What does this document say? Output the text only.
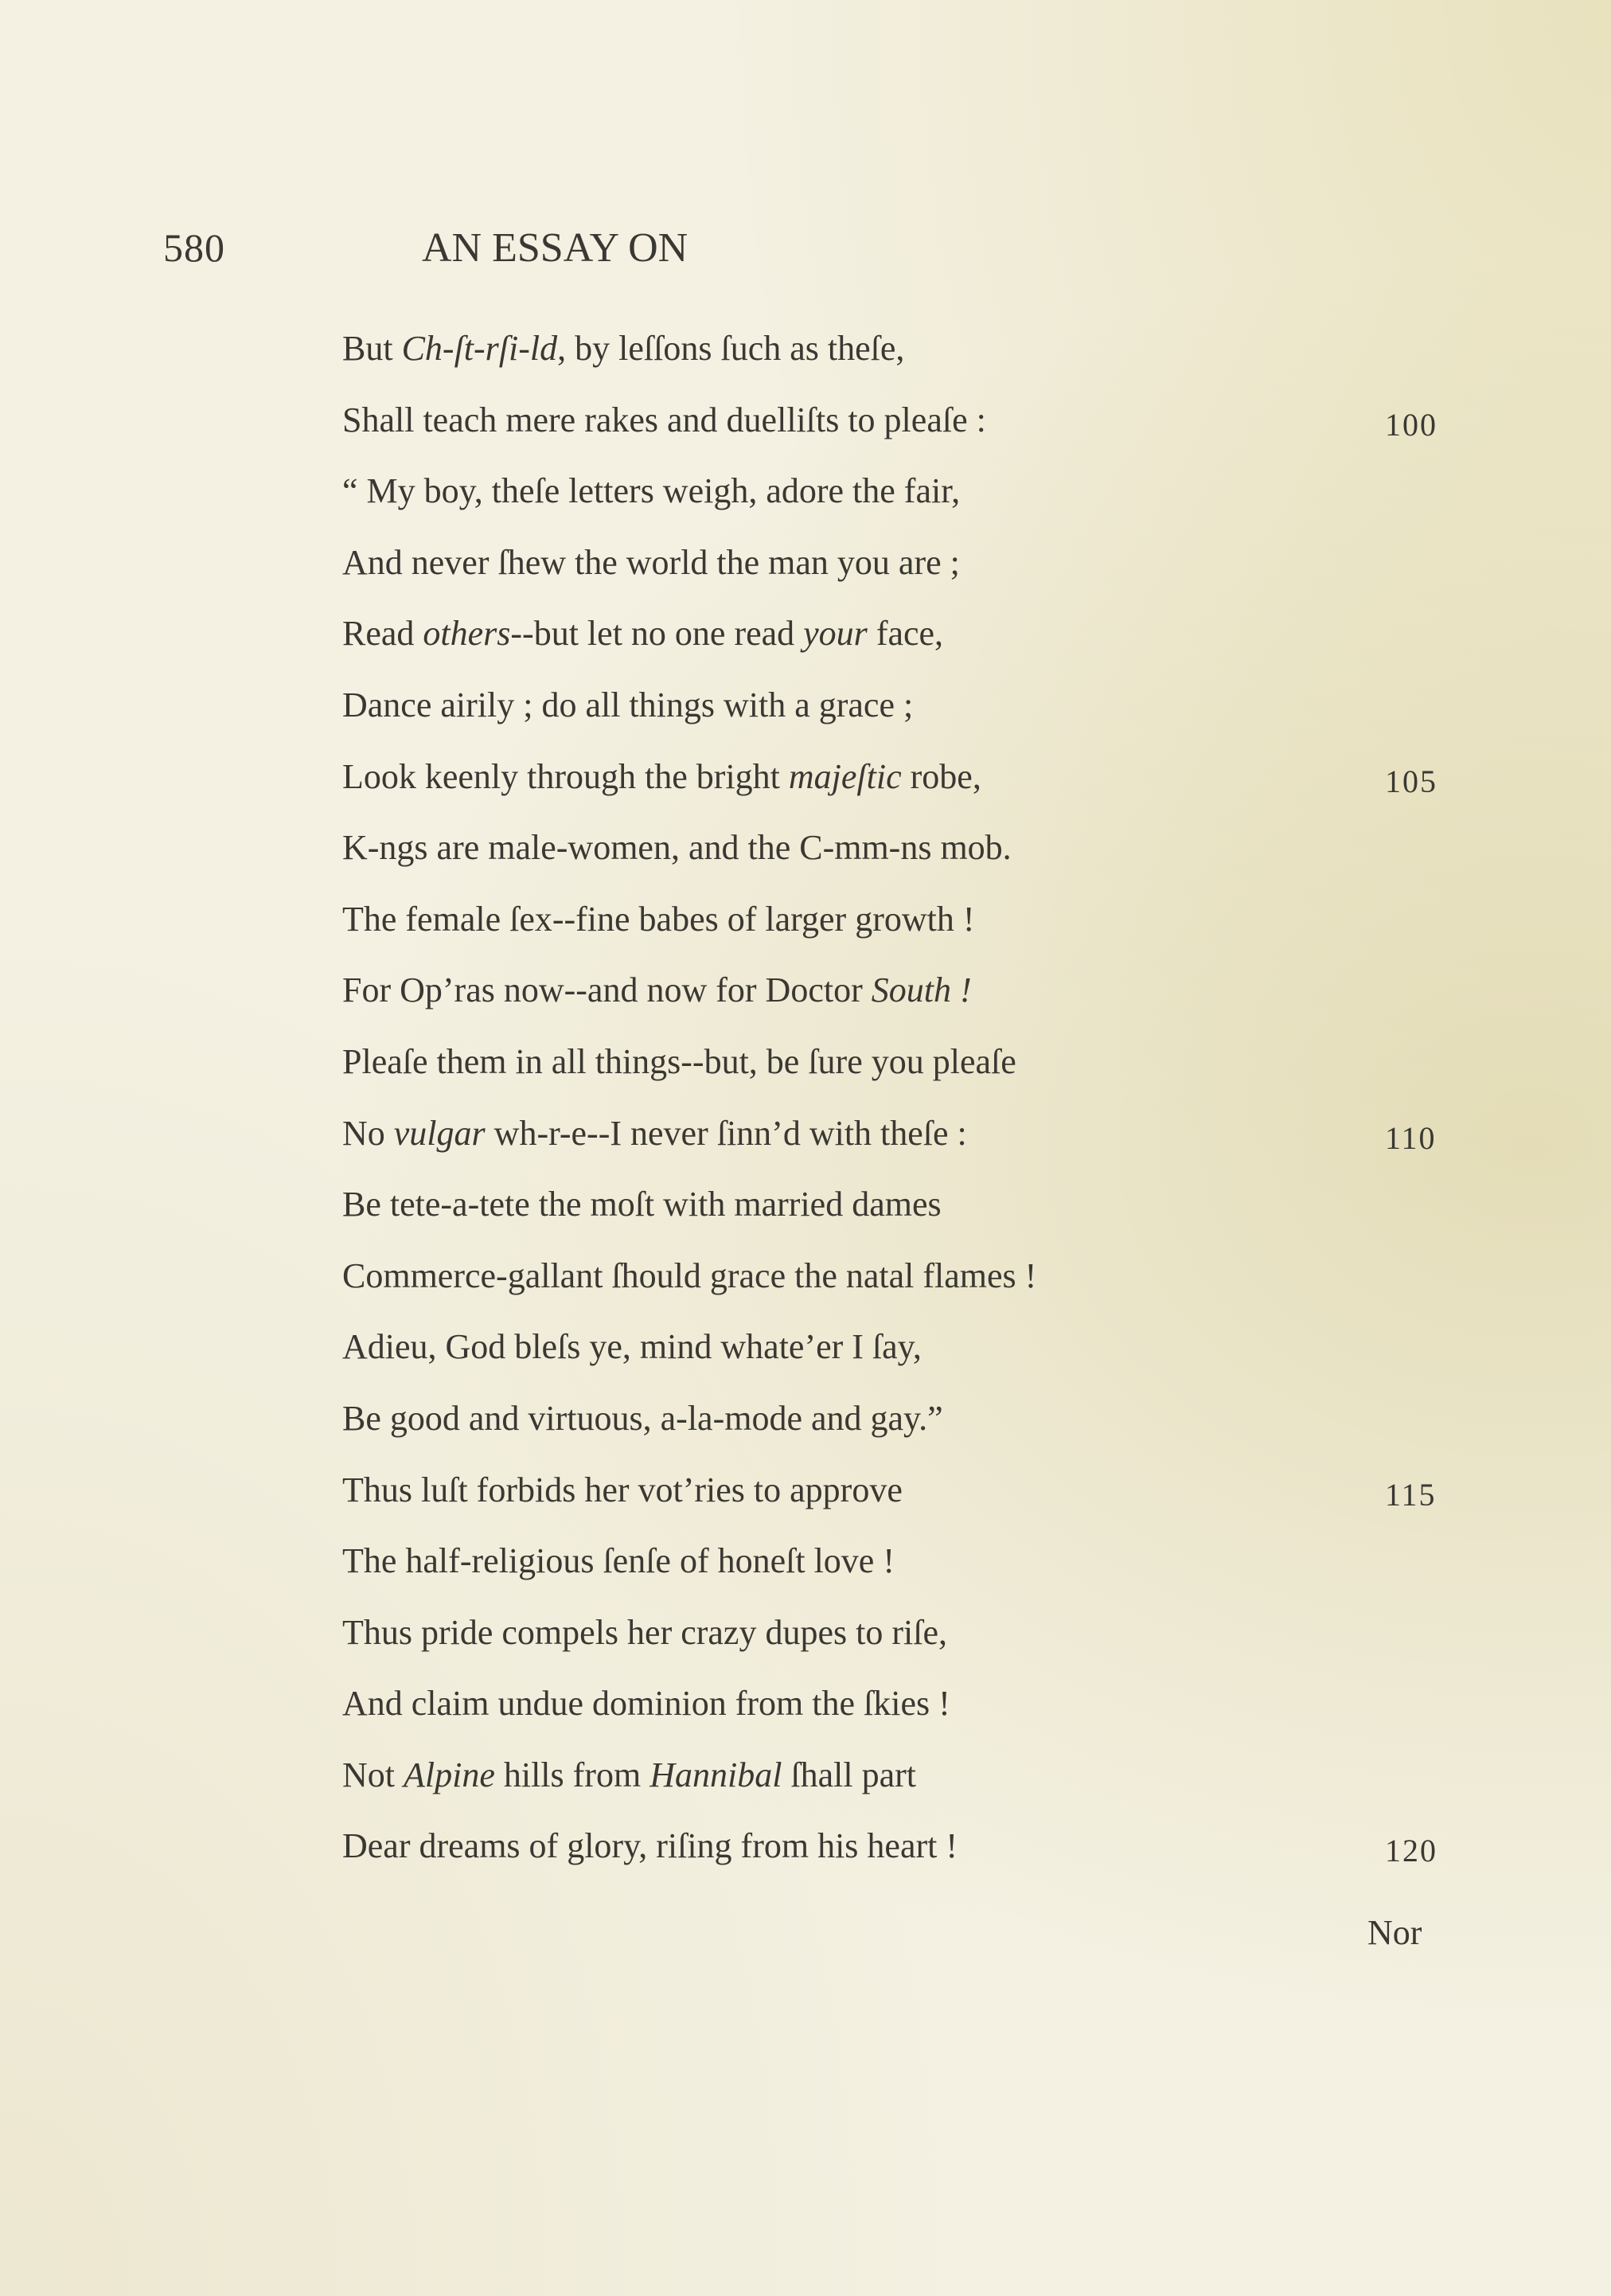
580	AN ESSAY ON
But Ch-ſt-rſi-ld, by leſſons ſuch as theſe,
Shall teach mere rakes and duelliſts to pleaſe :	100
“ My boy, theſe letters weigh, adore the fair,
And never ſhew the world the man you are ;
Read others--but let no one read your face,
Dance airily ; do all things with a grace ;
Look keenly through the bright majeſtic robe,	105
K-ngs are male-women, and the C-mm-ns mob.
The female ſex--fine babes of larger growth !
For Op’ras now--and now for Doctor South !
Pleaſe them in all things--but, be ſure you pleaſe
No vulgar wh-r-e--I never ſinn’d with theſe :	110
Be tete-a-tete the moſt with married dames
Commerce-gallant ſhould grace the natal flames !
Adieu, God bleſs ye, mind whate’er I ſay,
Be good and virtuous, a-la-mode and gay.”
Thus luſt forbids her vot’ries to approve	115
The half-religious ſenſe of honeſt love !
Thus pride compels her crazy dupes to riſe,
And claim undue dominion from the ſkies !
Not Alpine hills from Hannibal ſhall part
Dear dreams of glory, riſing from his heart !	120
Nor
